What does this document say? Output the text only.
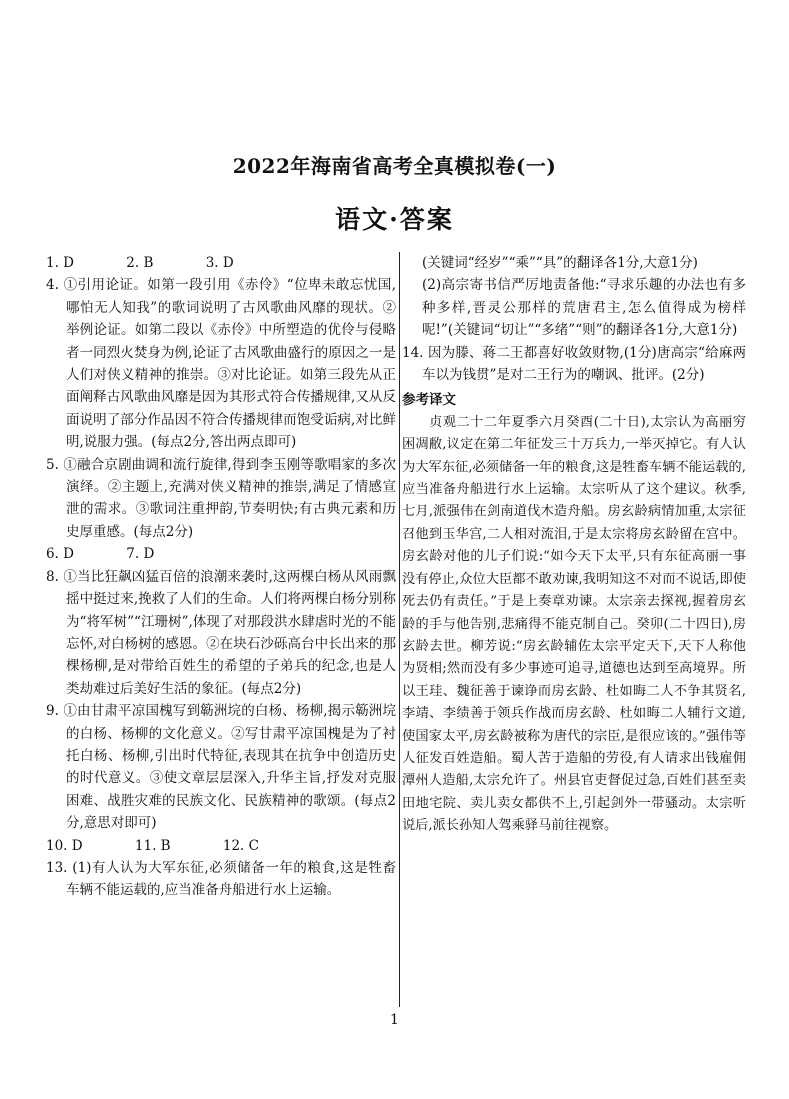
2022年海南省高考全真模拟卷(一)
语文·答案

1. D	2. B	3. D

4. ①引用论证。如第一段引用《赤伶》“位卑未敢忘忧国,哪怕无人知我”的歌词说明了古风歌曲风靡的现状。②举例论证。如第二段以《赤伶》中所塑造的优伶与侵略者一同烈火焚身为例,论证了古风歌曲盛行的原因之一是人们对侠义精神的推崇。③对比论证。如第三段先从正面阐释古风歌曲风靡是因为其形式符合传播规律,又从反面说明了部分作品因不符合传播规律而饱受诟病,对比鲜明,说服力强。(每点2分,答出两点即可)

5. ①融合京剧曲调和流行旋律,得到李玉刚等歌唱家的多次演绎。②主题上,充满对侠义精神的推崇,满足了情感宣泄的需求。③歌词注重押韵,节奏明快;有古典元素和历史厚重感。(每点2分)

6. D	7. D

8. ①当比狂飙凶猛百倍的浪潮来袭时,这两棵白杨从风雨飘摇中挺过来,挽救了人们的生命。人们将两棵白杨分别称为“将军树”“江珊树”,体现了对那段洪水肆虐时光的不能忘怀,对白杨树的感恩。②在块石沙砾高台中长出来的那棵杨柳,是对带给百姓生的希望的子弟兵的纪念,也是人类劫难过后美好生活的象征。(每点2分)

9. ①由甘肃平凉国槐写到簕洲垸的白杨、杨柳,揭示簕洲垸的白杨、杨柳的文化意义。②写甘肃平凉国槐是为了衬托白杨、杨柳,引出时代特征,表现其在抗争中创造历史的时代意义。③使文章层层深入,升华主旨,抒发对克服困难、战胜灾难的民族文化、民族精神的歌颂。(每点2分,意思对即可)

10. D	11. B	12. C

13. (1)有人认为大军东征,必须储备一年的粮食,这是牲畜车辆不能运载的,应当准备舟船进行水上运输。

(关键词“经岁”“乘”“具”的翻译各1分,大意1分)

(2)高宗寄书信严厉地责备他:“寻求乐趣的办法也有多种多样,晋灵公那样的荒唐君主,怎么值得成为榜样呢!”(关键词“切让”“多绪”“则”的翻译各1分,大意1分)

14. 因为滕、蒋二王都喜好收敛财物,(1分)唐高宗“给麻两车以为钱贯”是对二王行为的嘲讽、批评。(2分)

参考译文

贞观二十二年夏季六月癸酉(二十日),太宗认为高丽穷困凋敝,议定在第二年征发三十万兵力,一举灭掉它。有人认为大军东征,必须储备一年的粮食,这是牲畜车辆不能运载的,应当准备舟船进行水上运输。太宗听从了这个建议。秋季,七月,派强伟在剑南道伐木造舟船。房玄龄病情加重,太宗征召他到玉华宫,二人相对流泪,于是太宗将房玄龄留在宫中。房玄龄对他的儿子们说:“如今天下太平,只有东征高丽一事没有停止,众位大臣都不敢劝谏,我明知这不对而不说话,即使死去仍有责任。”于是上奏章劝谏。太宗亲去探视,握着房玄龄的手与他告别,悲痛得不能克制自己。癸卯(二十四日),房玄龄去世。柳芳说:“房玄龄辅佐太宗平定天下,天下人称他为贤相;然而没有多少事迹可追寻,道德也达到至高境界。所以王珪、魏征善于谏诤而房玄龄、杜如晦二人不争其贤名,李靖、李绩善于领兵作战而房玄龄、杜如晦二人辅行文道,使国家太平,房玄龄被称为唐代的宗臣,是很应该的。”强伟等人征发百姓造船。蜀人苦于造船的劳役,有人请求出钱雇佣潭州人造船,太宗允许了。州县官吏督促过急,百姓们甚至卖田地宅院、卖儿卖女都供不上,引起剑外一带骚动。太宗听说后,派长孙知人驾乘驿马前往视察。

1
